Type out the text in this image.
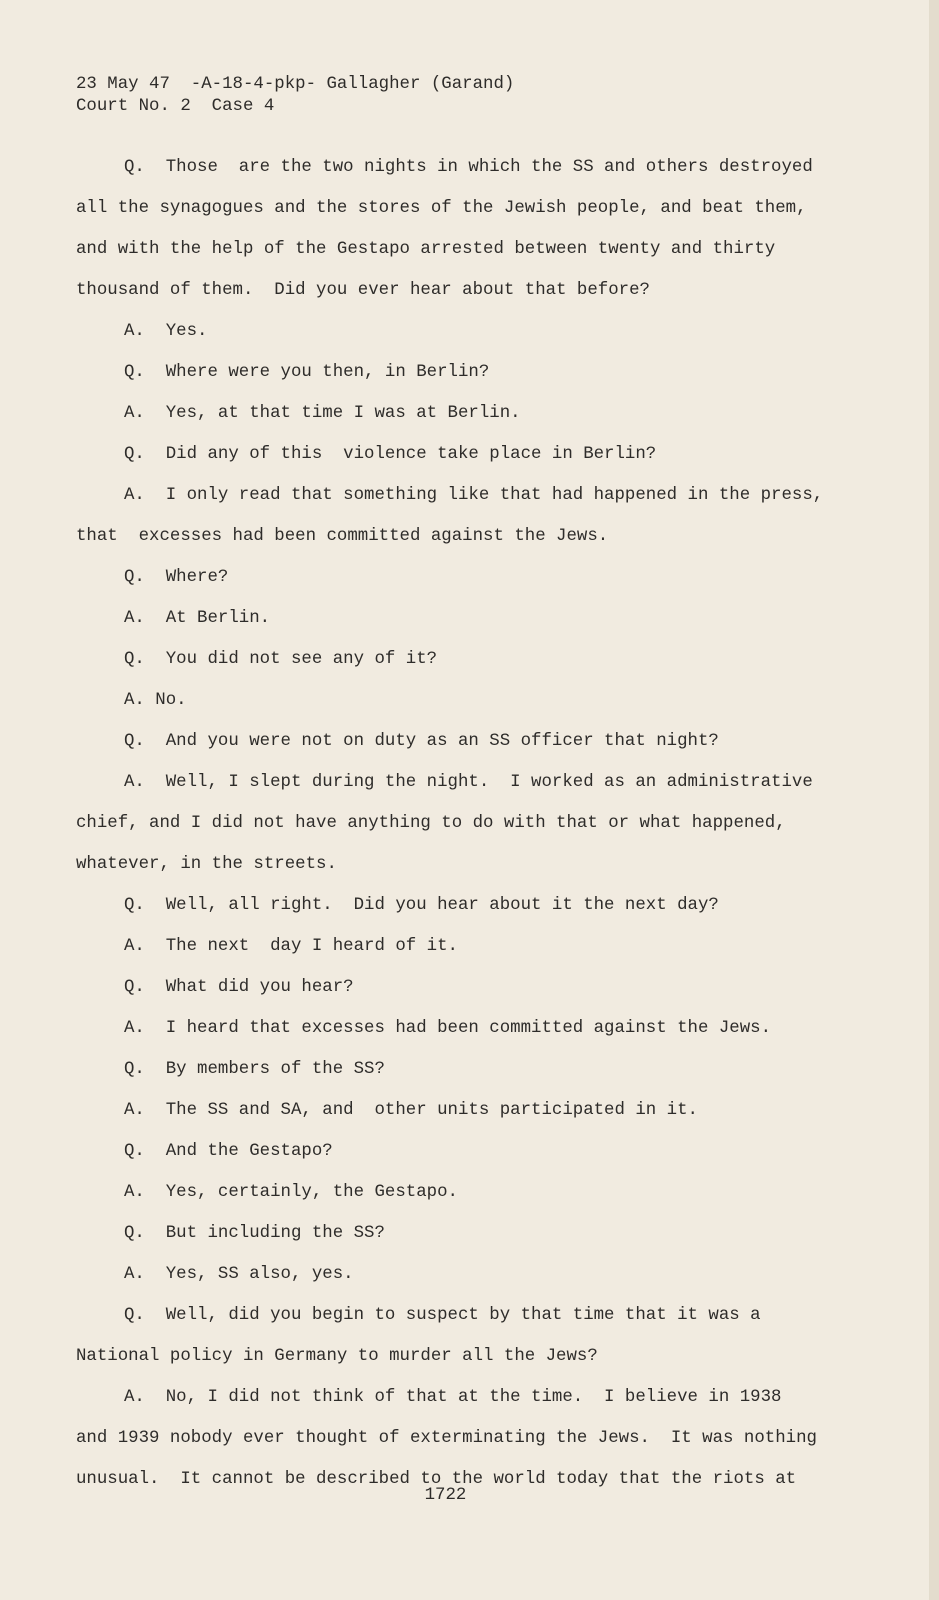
23 May 47  -A-18-4-pkp- Gallagher (Garand)
Court No. 2  Case 4
Q.  Those  are the two nights in which the SS and others destroyed
all the synagogues and the stores of the Jewish people, and beat them,
and with the help of the Gestapo arrested between twenty and thirty
thousand of them.  Did you ever hear about that before?
A.  Yes.
Q.  Where were you then, in Berlin?
A.  Yes, at that time I was at Berlin.
Q.  Did any of this  violence take place in Berlin?
A.  I only read that something like that had happened in the press,
that  excesses had been committed against the Jews.
Q.  Where?
A.  At Berlin.
Q.  You did not see any of it?
A. No.
Q.  And you were not on duty as an SS officer that night?
A.  Well, I slept during the night.  I worked as an administrative
chief, and I did not have anything to do with that or what happened,
whatever, in the streets.
Q.  Well, all right.  Did you hear about it the next day?
A.  The next  day I heard of it.
Q.  What did you hear?
A.  I heard that excesses had been committed against the Jews.
Q.  By members of the SS?
A.  The SS and SA, and  other units participated in it.
Q.  And the Gestapo?
A.  Yes, certainly, the Gestapo.
Q.  But including the SS?
A.  Yes, SS also, yes.
Q.  Well, did you begin to suspect by that time that it was a
National policy in Germany to murder all the Jews?
A.  No, I did not think of that at the time.  I believe in 1938
and 1939 nobody ever thought of exterminating the Jews.  It was nothing
unusual.  It cannot be described to the world today that the riots at
1722
